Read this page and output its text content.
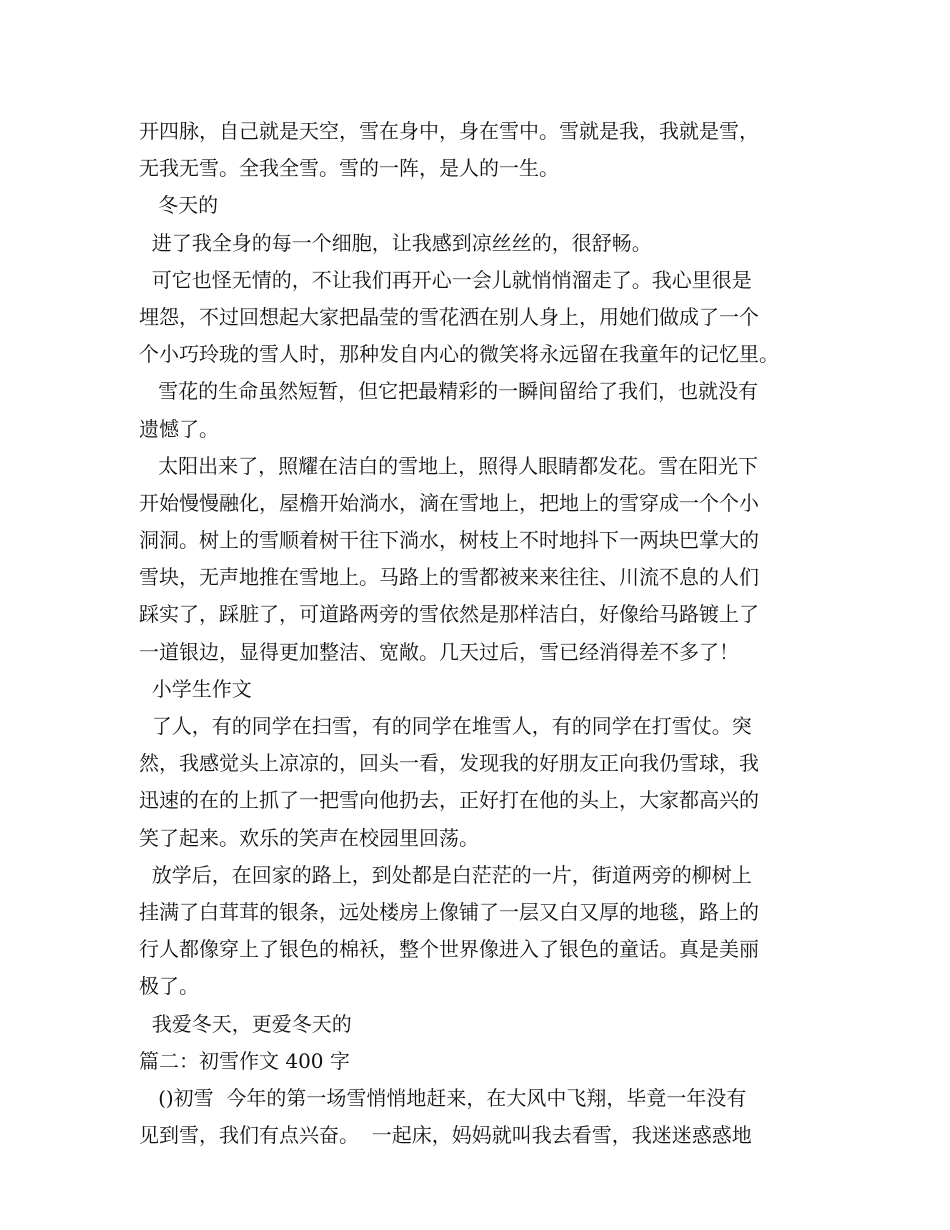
开四脉，自己就是天空，雪在身中，身在雪中。雪就是我，我就是雪，
无我无雪。全我全雪。雪的一阵，是人的一生。
冬天的
进了我全身的每一个细胞，让我感到凉丝丝的，很舒畅。
可它也怪无情的，不让我们再开心一会儿就悄悄溜走了。我心里很是
埋怨，不过回想起大家把晶莹的雪花洒在别人身上，用她们做成了一个
个小巧玲珑的雪人时，那种发自内心的微笑将永远留在我童年的记忆里。
雪花的生命虽然短暂，但它把最精彩的一瞬间留给了我们，也就没有
遗憾了。
太阳出来了，照耀在洁白的雪地上，照得人眼睛都发花。雪在阳光下
开始慢慢融化，屋檐开始淌水，滴在雪地上，把地上的雪穿成一个个小
洞洞。树上的雪顺着树干往下淌水，树枝上不时地抖下一两块巴掌大的
雪块，无声地推在雪地上。马路上的雪都被来来往往、川流不息的人们
踩实了，踩脏了，可道路两旁的雪依然是那样洁白，好像给马路镀上了
一道银边，显得更加整洁、宽敞。几天过后，雪已经消得差不多了！
小学生作文
了人，有的同学在扫雪，有的同学在堆雪人，有的同学在打雪仗。突
然，我感觉头上凉凉的，回头一看，发现我的好朋友正向我仍雪球，我
迅速的在的上抓了一把雪向他扔去，正好打在他的头上，大家都高兴的
笑了起来。欢乐的笑声在校园里回荡。
放学后，在回家的路上，到处都是白茫茫的一片，街道两旁的柳树上
挂满了白茸茸的银条，远处楼房上像铺了一层又白又厚的地毯，路上的
行人都像穿上了银色的棉袄，整个世界像进入了银色的童话。真是美丽
极了。
我爱冬天，更爱冬天的
篇二：初雪作文 400 字
()初雪  今年的第一场雪悄悄地赶来，在大风中飞翔，毕竟一年没有
见到雪，我们有点兴奋。  一起床，妈妈就叫我去看雪，我迷迷惑惑地
